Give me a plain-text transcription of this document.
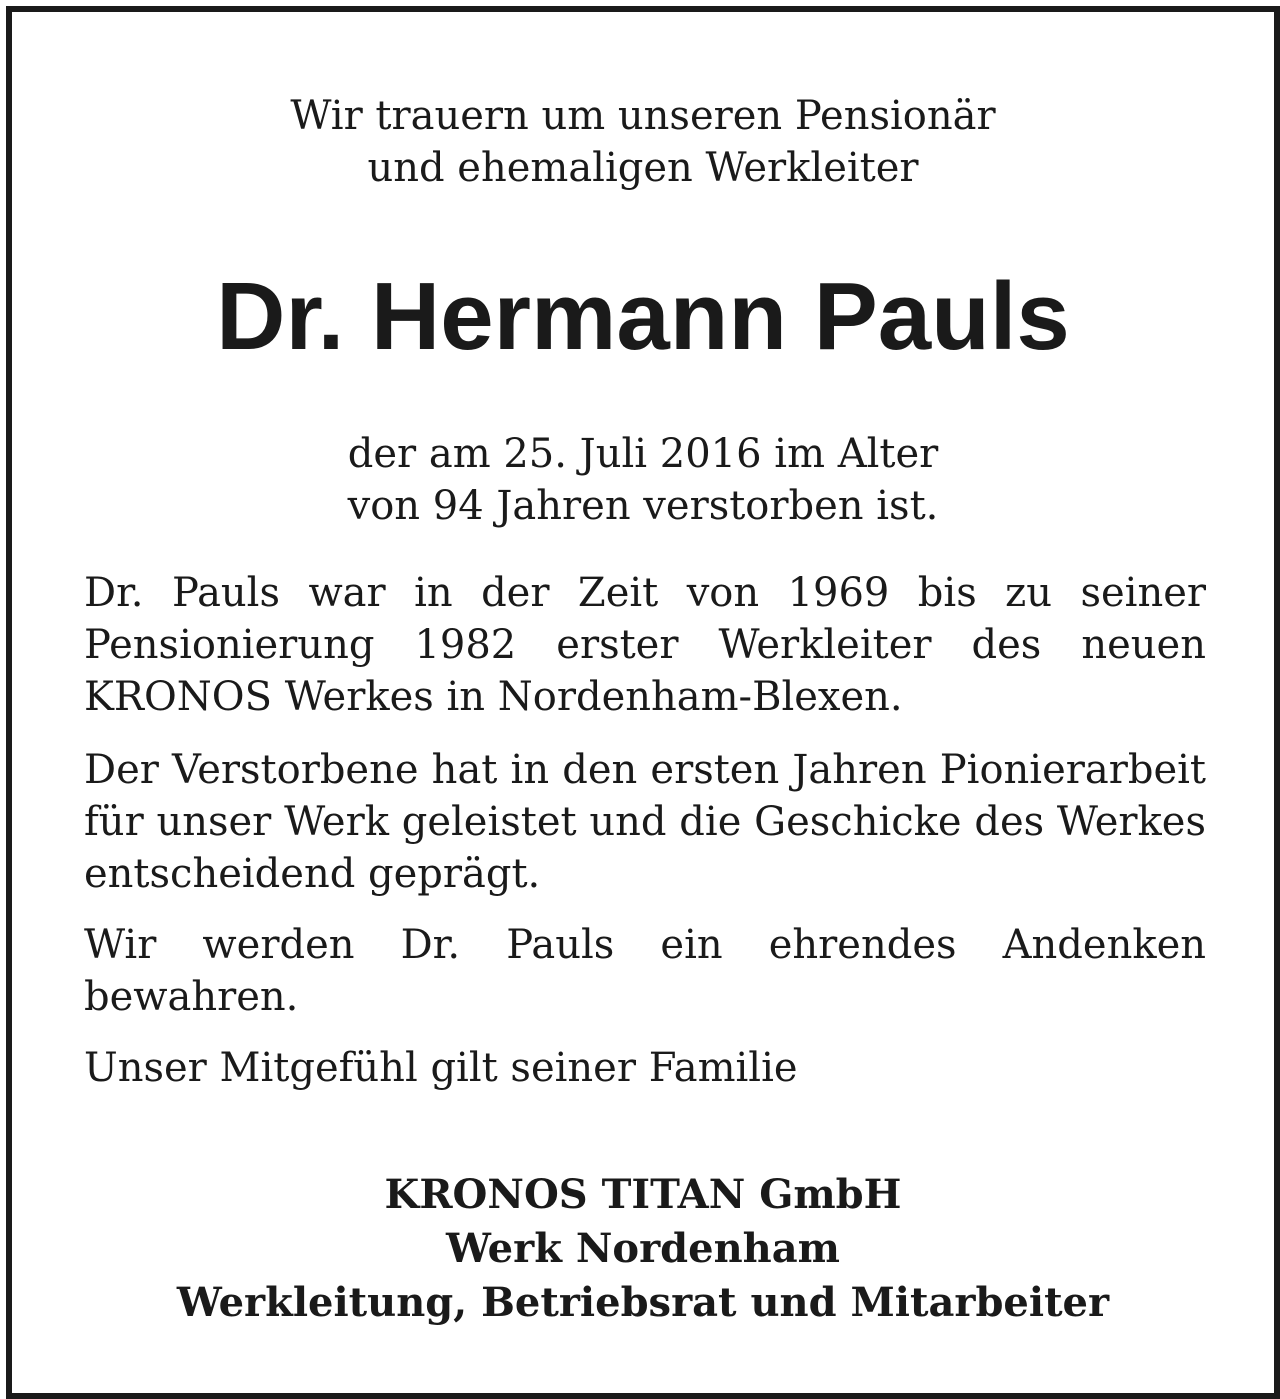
Wir trauern um unseren Pensionär
und ehemaligen Werkleiter
Dr. Hermann Pauls
der am 25. Juli 2016 im Alter
von 94 Jahren verstorben ist.
Dr. Pauls war in der Zeit von 1969 bis zu seiner Pensionierung 1982 erster Werkleiter des neuen KRONOS Werkes in Nordenham-Blexen.
Der Verstorbene hat in den ersten Jahren Pionierarbeit für unser Werk geleistet und die Geschicke des Werkes entscheidend geprägt.
Wir werden Dr. Pauls ein ehrendes Andenken bewahren.
Unser Mitgefühl gilt seiner Familie
KRONOS TITAN GmbH
Werk Nordenham
Werkleitung, Betriebsrat und Mitarbeiter
